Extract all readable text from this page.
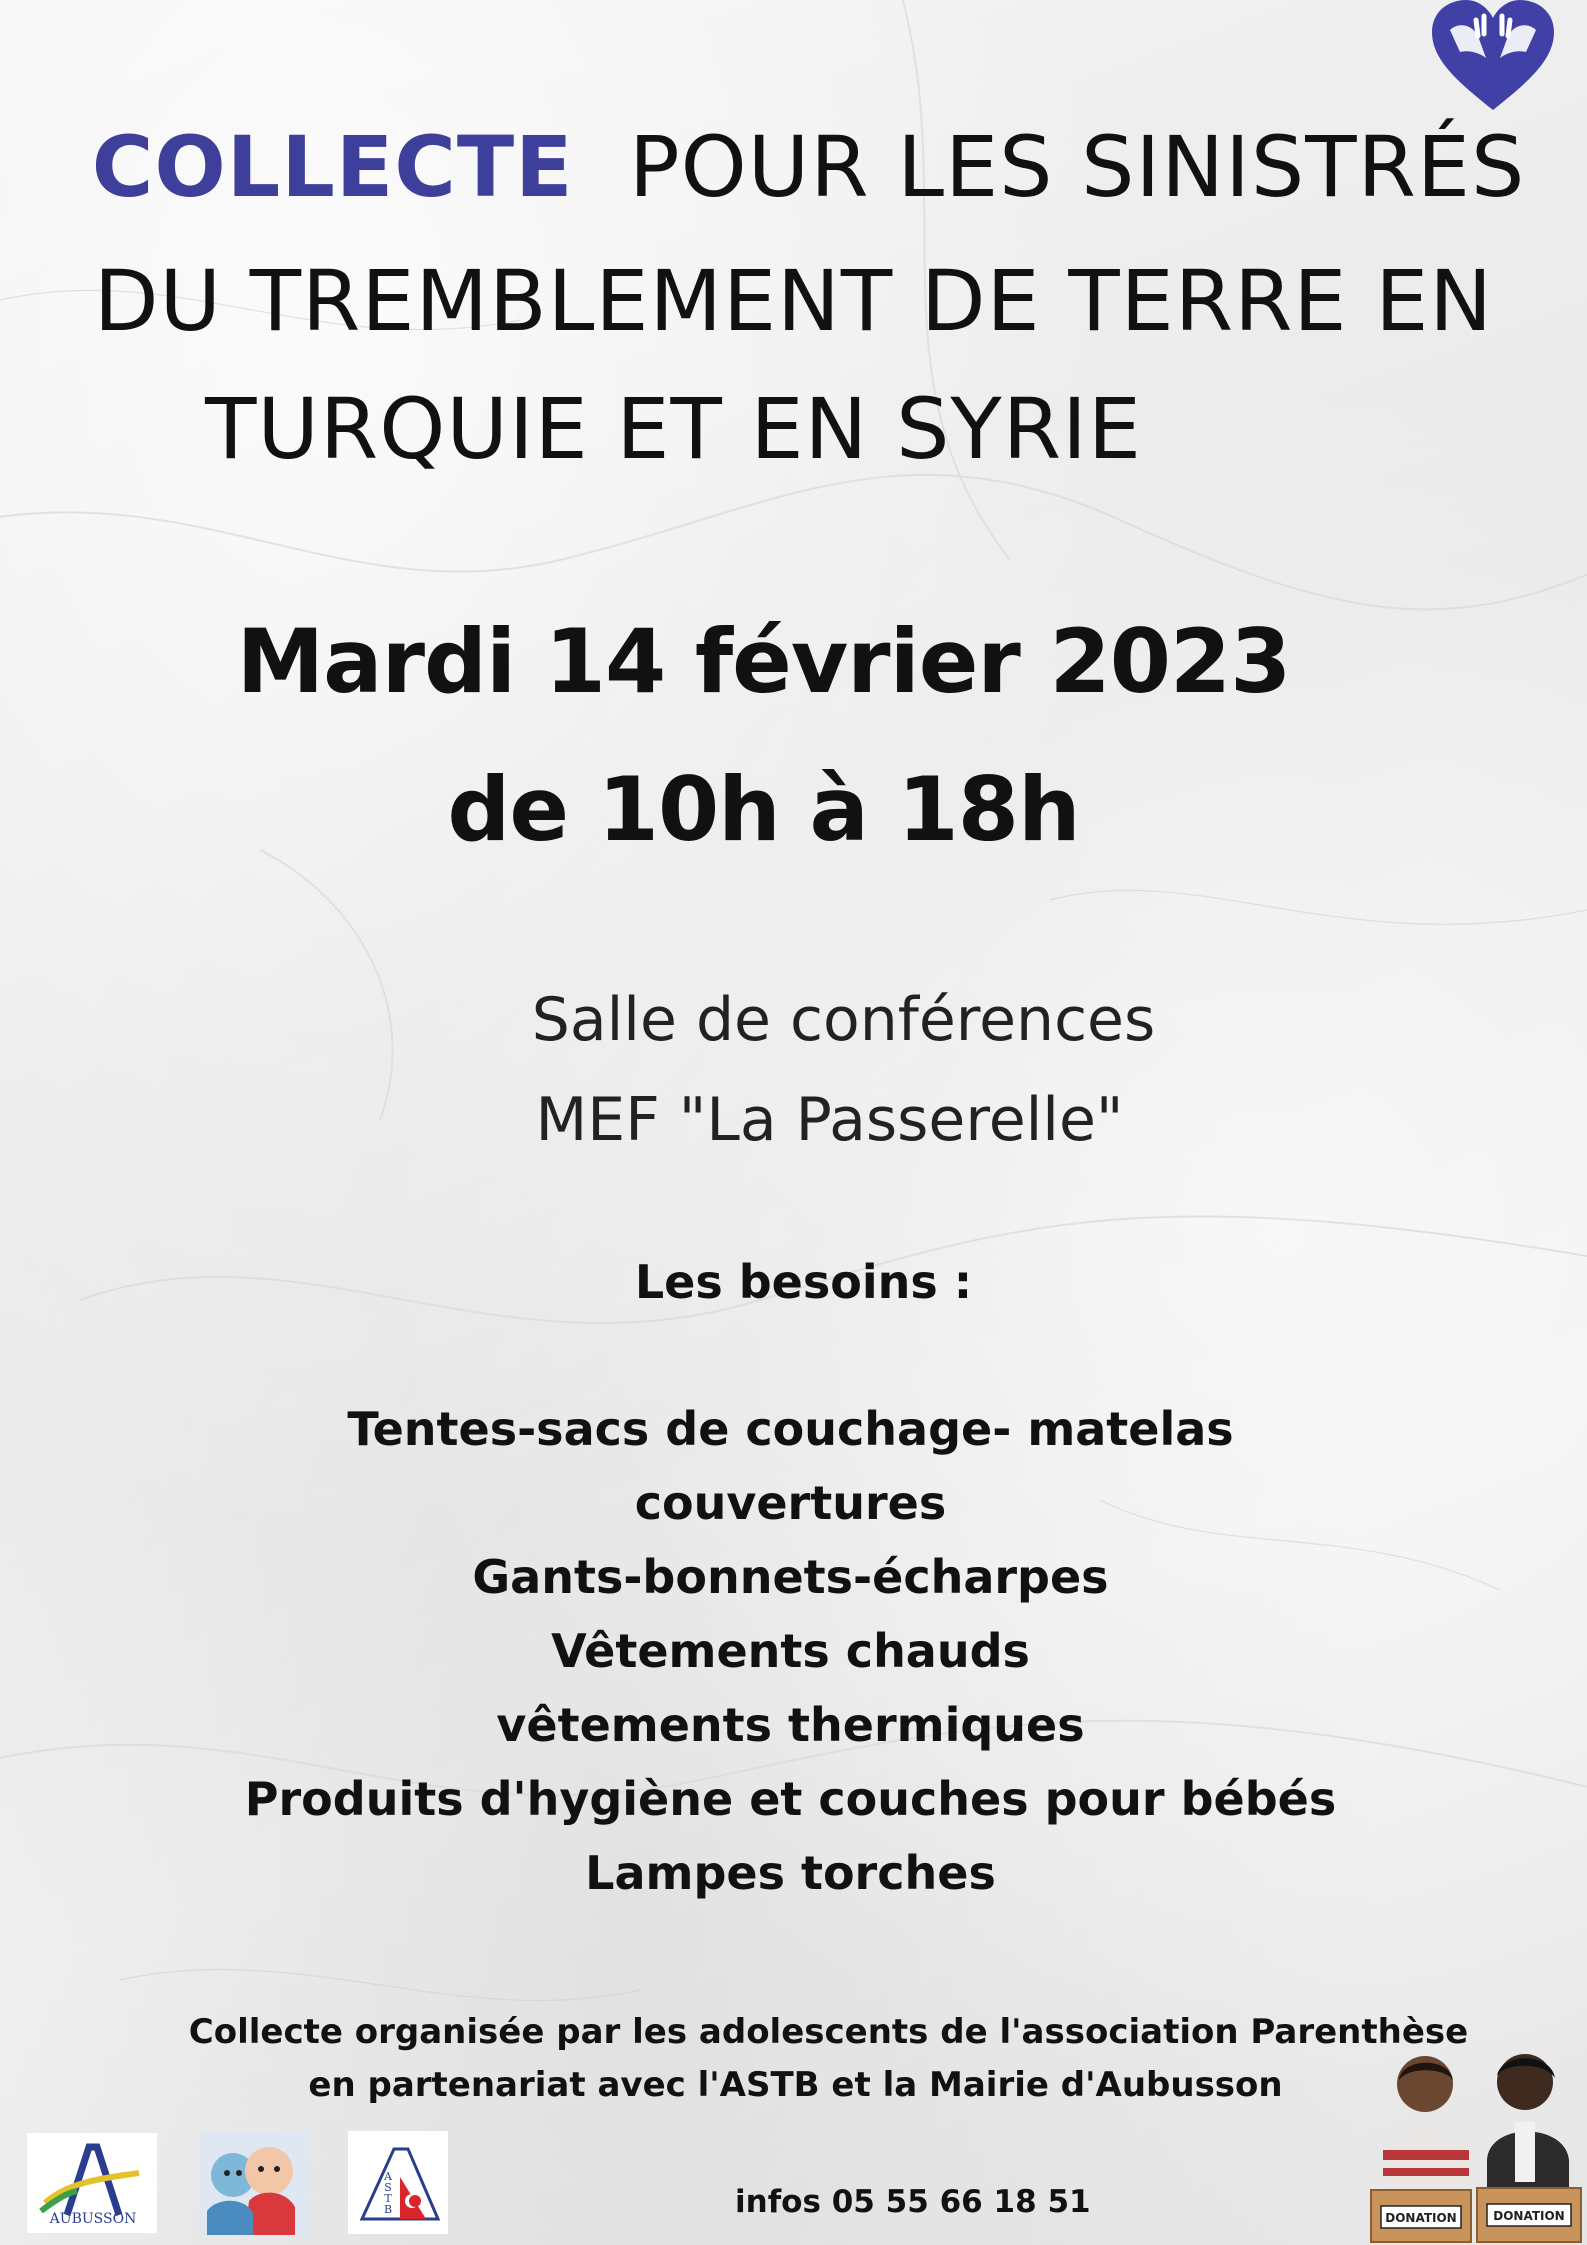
COLLECTE POUR LES SINISTRÉS
DU TREMBLEMENT DE TERRE EN
TURQUIE ET EN SYRIE
Mardi 14 février 2023
de 10h à 18h
Salle de conférences
MEF "La Passerelle"
Les besoins :
Tentes-sacs de couchage- matelas
couvertures
Gants-bonnets-écharpes
Vêtements chauds
vêtements thermiques
Produits d'hygiène et couches pour bébés
Lampes torches
Collecte organisée par les adolescents de l'association Parenthèse
en partenariat avec l'ASTB et la Mairie d'Aubusson
AUBUSSON
ASTB	infos 05 55 66 18 51	DONATION	DONATION
